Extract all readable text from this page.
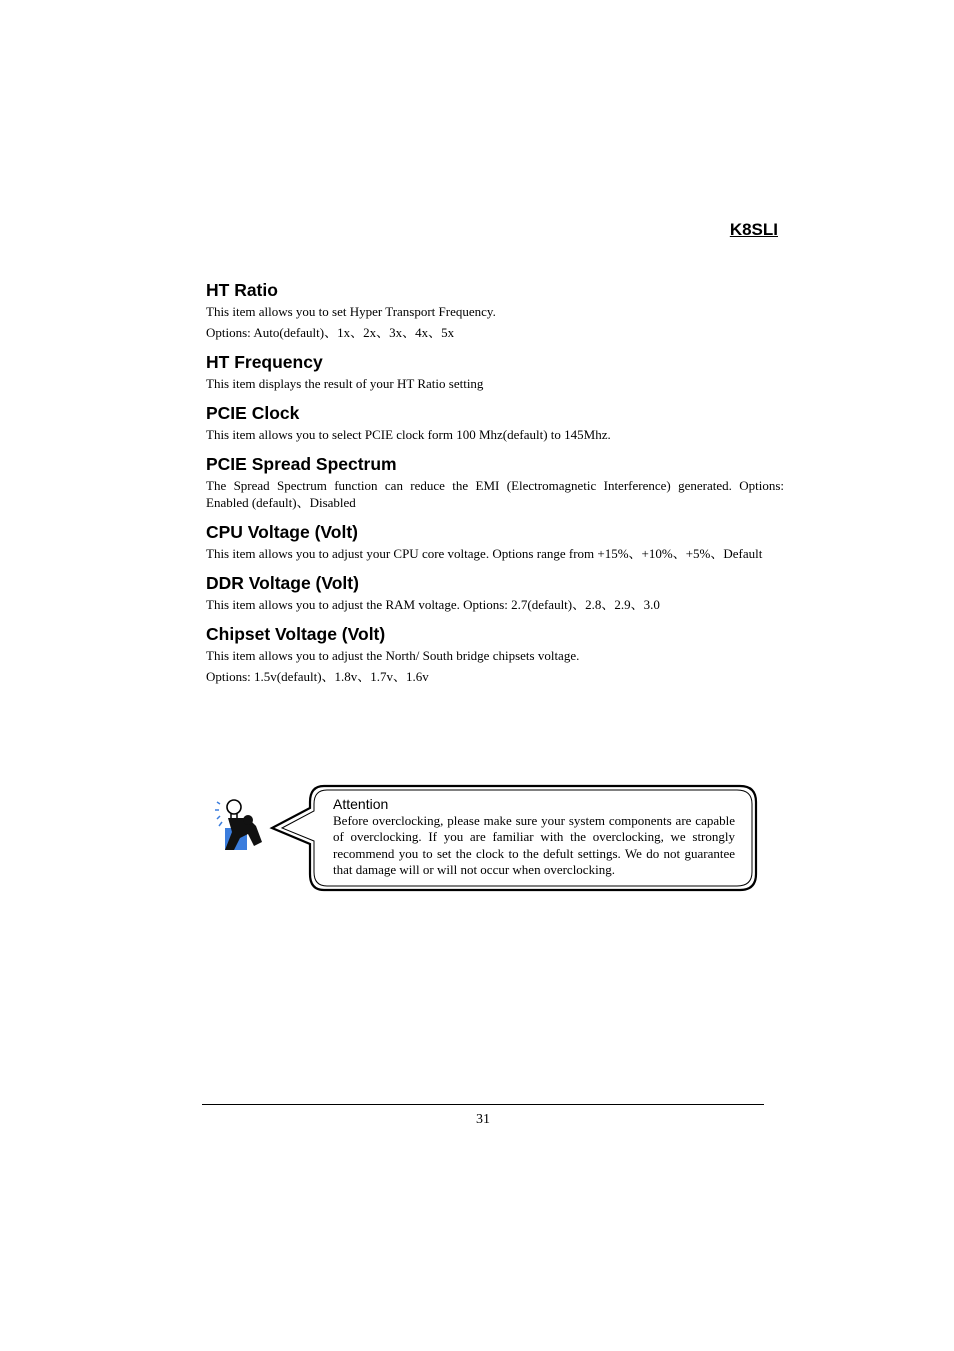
K8SLI
HT Ratio

This item allows you to set Hyper Transport Frequency.

Options: Auto(default)、1x、2x、3x、4x、5x

HT Frequency

This item displays the result of your HT Ratio setting

PCIE Clock

This item allows you to select PCIE clock form 100 Mhz(default) to 145Mhz.

PCIE Spread Spectrum

The Spread Spectrum function can reduce the EMI (Electromagnetic Interference) generated. Options: Enabled (default)、Disabled

CPU Voltage (Volt)

This item allows you to adjust your CPU core voltage. Options range from +15%、+10%、+5%、Default

DDR Voltage (Volt)

This item allows you to adjust the RAM voltage. Options: 2.7(default)、2.8、2.9、3.0

Chipset Voltage (Volt)

This item allows you to adjust the North/ South bridge chipsets voltage.

Options: 1.5v(default)、1.8v、1.7v、1.6v

Attention

Before overclocking, please make sure your system components are capable of overclocking. If you are familiar with the overclocking, we strongly recommend you to set the clock to the defult settings. We do not guarantee that damage will or will not occur when overclocking.

31
